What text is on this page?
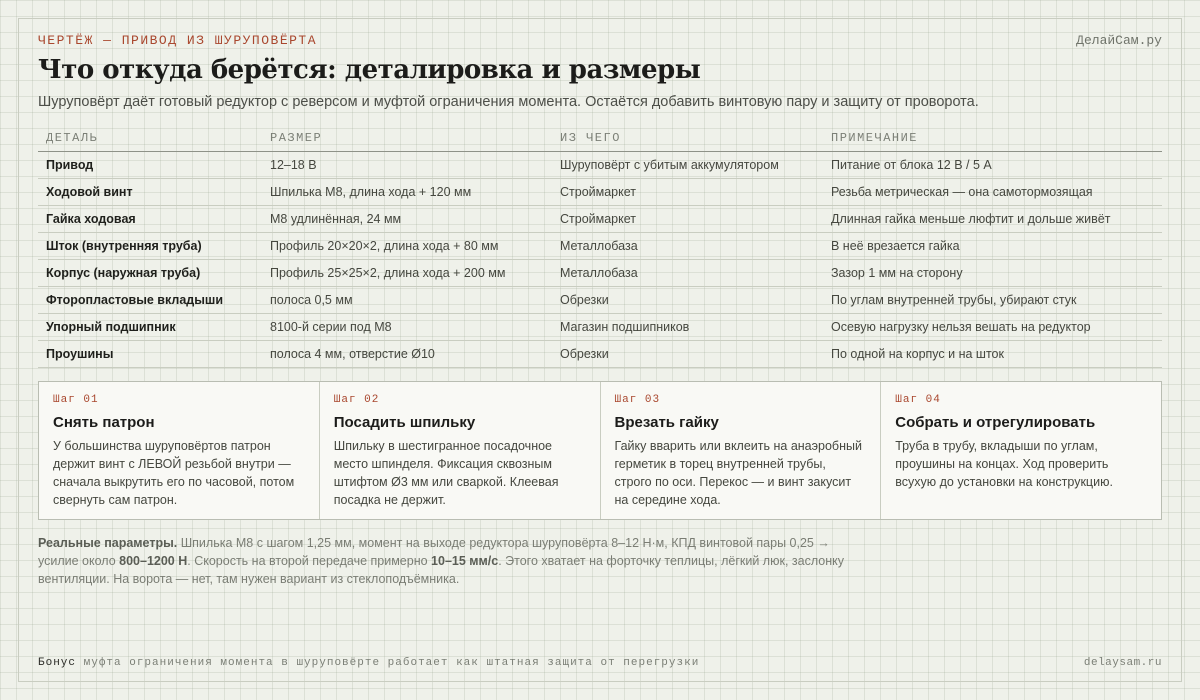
ЧЕРТЁЖ — ПРИВОД ИЗ ШУРУПОВЁРТА	ДелайСам.ру
Что откуда берётся: деталировка и размеры

Шуруповёрт даёт готовый редуктор с реверсом и муфтой ограничения момента. Остаётся добавить винтовую пару и защиту от проворота.

ДЕТАЛЬ	РАЗМЕР	ИЗ ЧЕГО	ПРИМЕЧАНИЕ
Привод	12–18 В	Шуруповёрт с убитым аккумулятором	Питание от блока 12 В / 5 А
Ходовой винт	Шпилька М8, длина хода + 120 мм	Строймаркет	Резьба метрическая — она самотормозящая
Гайка ходовая	М8 удлинённая, 24 мм	Строймаркет	Длинная гайка меньше люфтит и дольше живёт
Шток (внутренняя труба)	Профиль 20×20×2, длина хода + 80 мм	Металлобаза	В неё врезается гайка
Корпус (наружная труба)	Профиль 25×25×2, длина хода + 200 мм	Металлобаза	Зазор 1 мм на сторону
Фторопластовые вкладыши	полоса 0,5 мм	Обрезки	По углам внутренней трубы, убирают стук
Упорный подшипник	8100-й серии под М8	Магазин подшипников	Осевую нагрузку нельзя вешать на редуктор
Проушины	полоса 4 мм, отверстие Ø10	Обрезки	По одной на корпус и на шток
Шаг 01
Снять патрон
У большинства шуруповёртов патрон держит винт с ЛЕВОЙ резьбой внутри — сначала выкрутить его по часовой, потом свернуть сам патрон.
Шаг 02
Посадить шпильку
Шпильку в шестигранное посадочное место шпинделя. Фиксация сквозным штифтом Ø3 мм или сваркой. Клеевая посадка не держит.
Шаг 03
Врезать гайку
Гайку вварить или вклеить на анаэробный герметик в торец внутренней трубы, строго по оси. Перекос — и винт закусит на середине хода.
Шаг 04
Собрать и отрегулировать
Труба в трубу, вкладыши по углам, проушины на концах. Ход проверить всухую до установки на конструкцию.
Реальные параметры. Шпилька М8 с шагом 1,25 мм, момент на выходе редуктора шуруповёрта 8–12 Н·м, КПД винтовой пары 0,25 → усилие около 800–1200 Н. Скорость на второй передаче примерно 10–15 мм/с. Этого хватает на форточку теплицы, лёгкий люк, заслонку вентиляции. На ворота — нет, там нужен вариант из стеклоподъёмника.
Бонус муфта ограничения момента в шуруповёрте работает как штатная защита от перегрузки	delaysam.ru
